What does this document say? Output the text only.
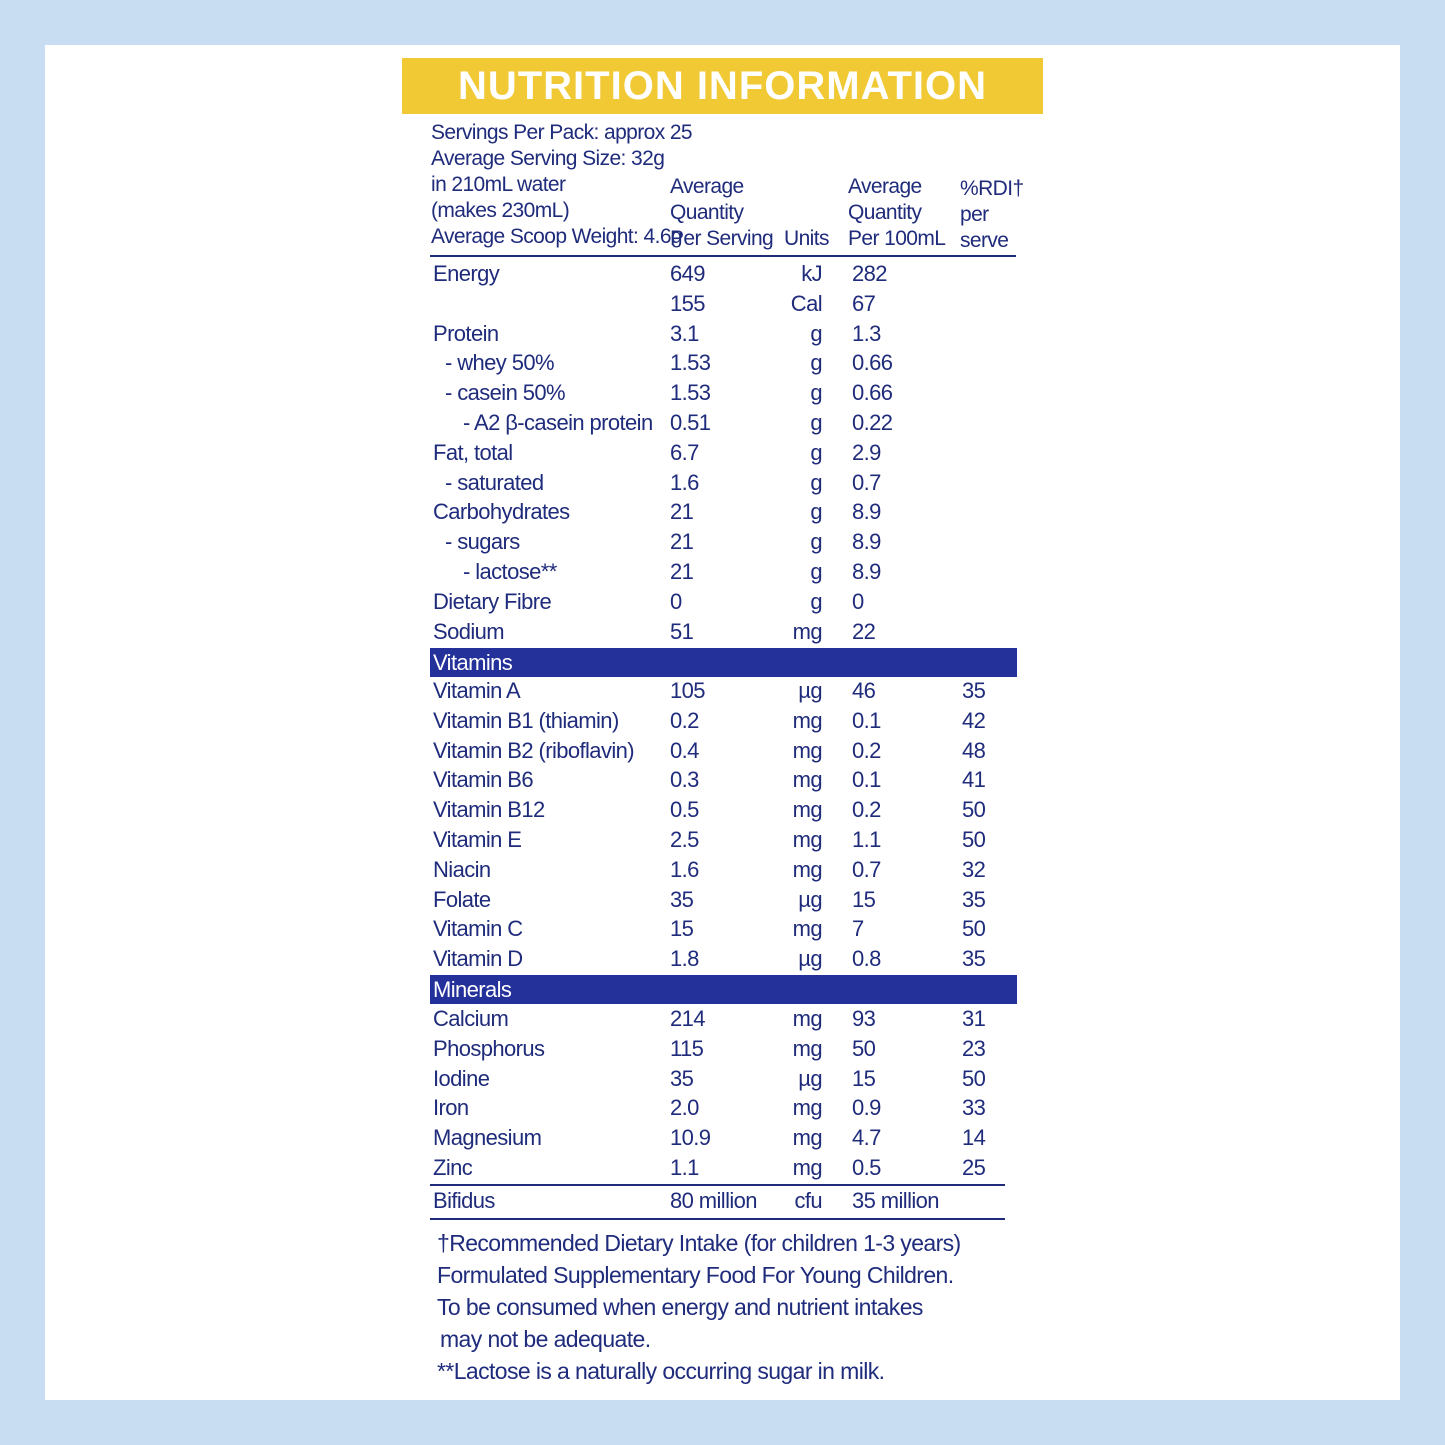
NUTRITION INFORMATION
Servings Per Pack: approx 25
Average Serving Size: 32g
in 210mL water
(makes 230mL)
Average Scoop Weight: 4.6g
Average
Quantity
Per Serving Units
Average
Quantity
Per 100mL
%RDI†
per
serve
Energy	649	kJ 282
155	Cal 67
Protein	3.1	g 1.3
- whey 50%	1.53	g 0.66
- casein 50%	1.53	g 0.66
- A2 β-casein protein 0.51	g 0.22
Fat, total	6.7	g 2.9
- saturated	1.6	g 0.7
Carbohydrates	21	g 8.9
- sugars	21	g 8.9
- lactose**	21	g 8.9
Dietary Fibre	0	g 0
Sodium	51	mg 22
Vitamins
Vitamin A	105	µg 46	35
Vitamin B1 (thiamin) 0.2	mg 0.1	42
Vitamin B2 (riboflavin) 0.4	mg 0.2	48
Vitamin B6	0.3	mg 0.1	41
Vitamin B12	0.5	mg 0.2	50
Vitamin E	2.5	mg 1.1	50
Niacin	1.6	mg 0.7	32
Folate	35	µg 15	35
Vitamin C	15	mg 7	50
Vitamin D	1.8	µg 0.8	35
Minerals
Calcium	214	mg 93	31
Phosphorus	115	mg 50	23
Iodine	35	µg 15	50
Iron	2.0	mg 0.9	33
Magnesium	10.9	mg 4.7	14
Zinc	1.1	mg 0.5	25
Bifidus	80 million	cfu 35 million
†Recommended Dietary Intake (for children 1-3 years)
Formulated Supplementary Food For Young Children.
To be consumed when energy and nutrient intakes
may not be adequate.
**Lactose is a naturally occurring sugar in milk.
